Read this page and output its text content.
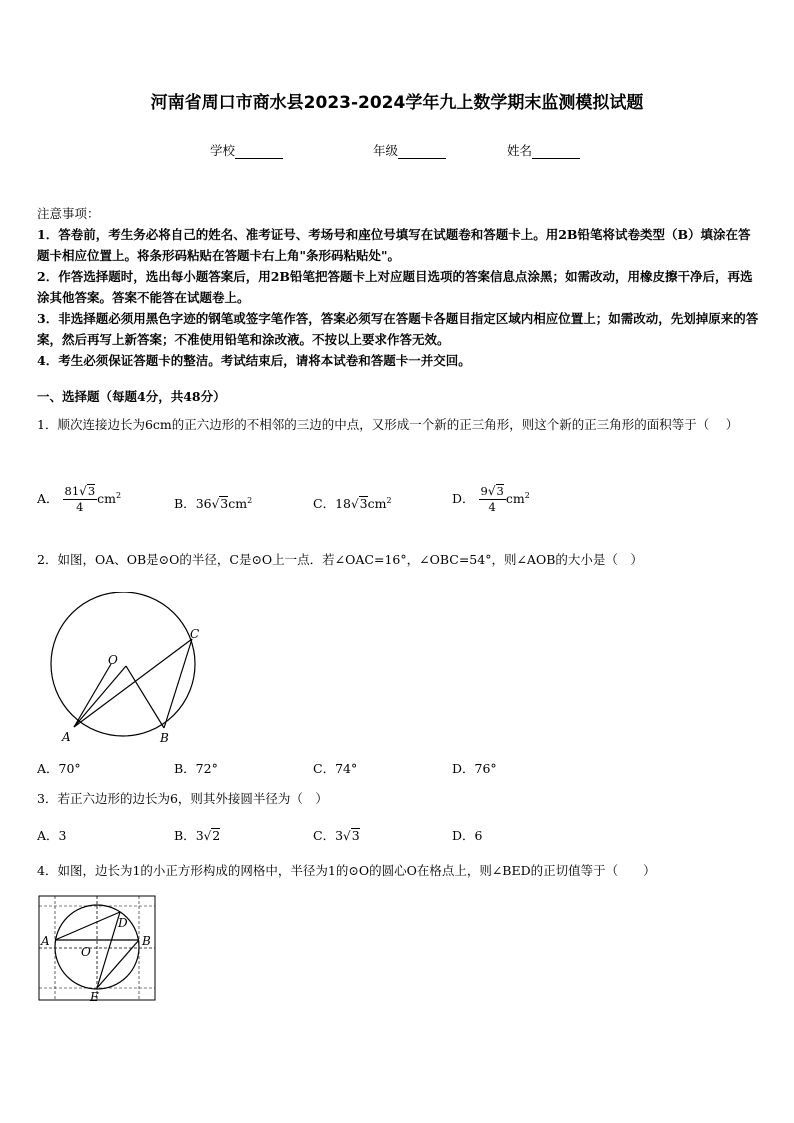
河南省周口市商水县2023-2024学年九上数学期末监测模拟试题
学校	年级	姓名

注意事项：

1．答卷前，考生务必将自己的姓名、准考证号、考场号和座位号填写在试题卷和答题卡上。用2B铅笔将试卷类型（B）填涂在答题卡相应位置上。将条形码粘贴在答题卡右上角"条形码粘贴处"。

2．作答选择题时，选出每小题答案后，用2B铅笔把答题卡上对应题目选项的答案信息点涂黑；如需改动，用橡皮擦干净后，再选涂其他答案。答案不能答在试题卷上。

3．非选择题必须用黑色字迹的钢笔或签字笔作答，答案必须写在答题卡各题目指定区域内相应位置上；如需改动，先划掉原来的答案，然后再写上新答案；不准使用铅笔和涂改液。不按以上要求作答无效。

4．考生必须保证答题卡的整洁。考试结束后，请将本试卷和答题卡一并交回。

一、选择题（每题4分，共48分）
1．顺次连接边长为6cm的正六边形的不相邻的三边的中点，又形成一个新的正三角形，则这个新的正三角形的面积等于（　 ）
A． $\frac{81√3}{4} cm^2$
B．$36√3cm^2$	C．$18√3cm^2$	D． $\frac{9√3}{4} cm^2$
2．如图，OA、OB是⊙O的半径，C是⊙O上一点．若∠OAC=16°，∠OBC=54°，则∠AOB的大小是（　）
O
A	B
C
A．70°	B．72°	C．74°	D．76°
3．若正六边形的边长为6，则其外接圆半径为（　）
A．3	B．3√2	C．3√3	D．6
4．如图，边长为1的小正方形构成的网格中，半径为1的⊙O的圆心O在格点上，则∠BED的正切值等于（　　）
A	B
O
D
E
